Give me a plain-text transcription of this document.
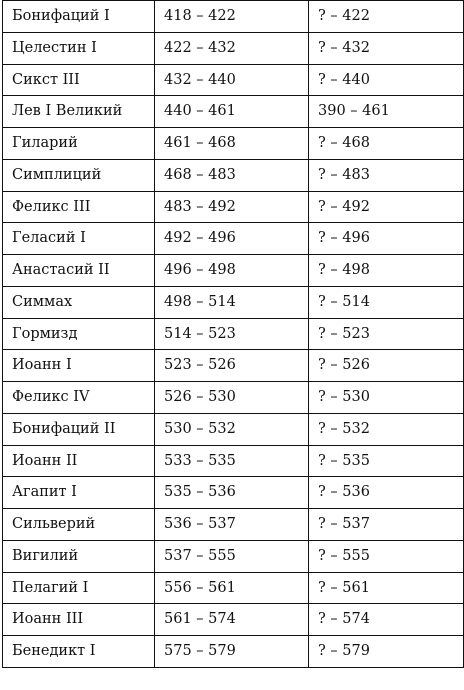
Бонифаций I	418 – 422	? – 422
Целестин I	422 – 432	? – 432
Сикст III	432 – 440	? – 440
Лев I Великий	440 – 461	390 – 461
Гиларий	461 – 468	? – 468
Симплиций	468 – 483	? – 483
Феликс III	483 – 492	? – 492
Геласий I	492 – 496	? – 496
Анастасий II	496 – 498	? – 498
Симмах	498 – 514	? – 514
Гормизд	514 – 523	? – 523
Иоанн I	523 – 526	? – 526
Феликс IV	526 – 530	? – 530
Бонифаций II	530 – 532	? – 532
Иоанн II	533 – 535	? – 535
Агапит I	535 – 536	? – 536
Сильверий	536 – 537	? – 537
Вигилий	537 – 555	? – 555
Пелагий I	556 – 561	? – 561
Иоанн III	561 – 574	? – 574
Бенедикт I	575 – 579	? – 579
